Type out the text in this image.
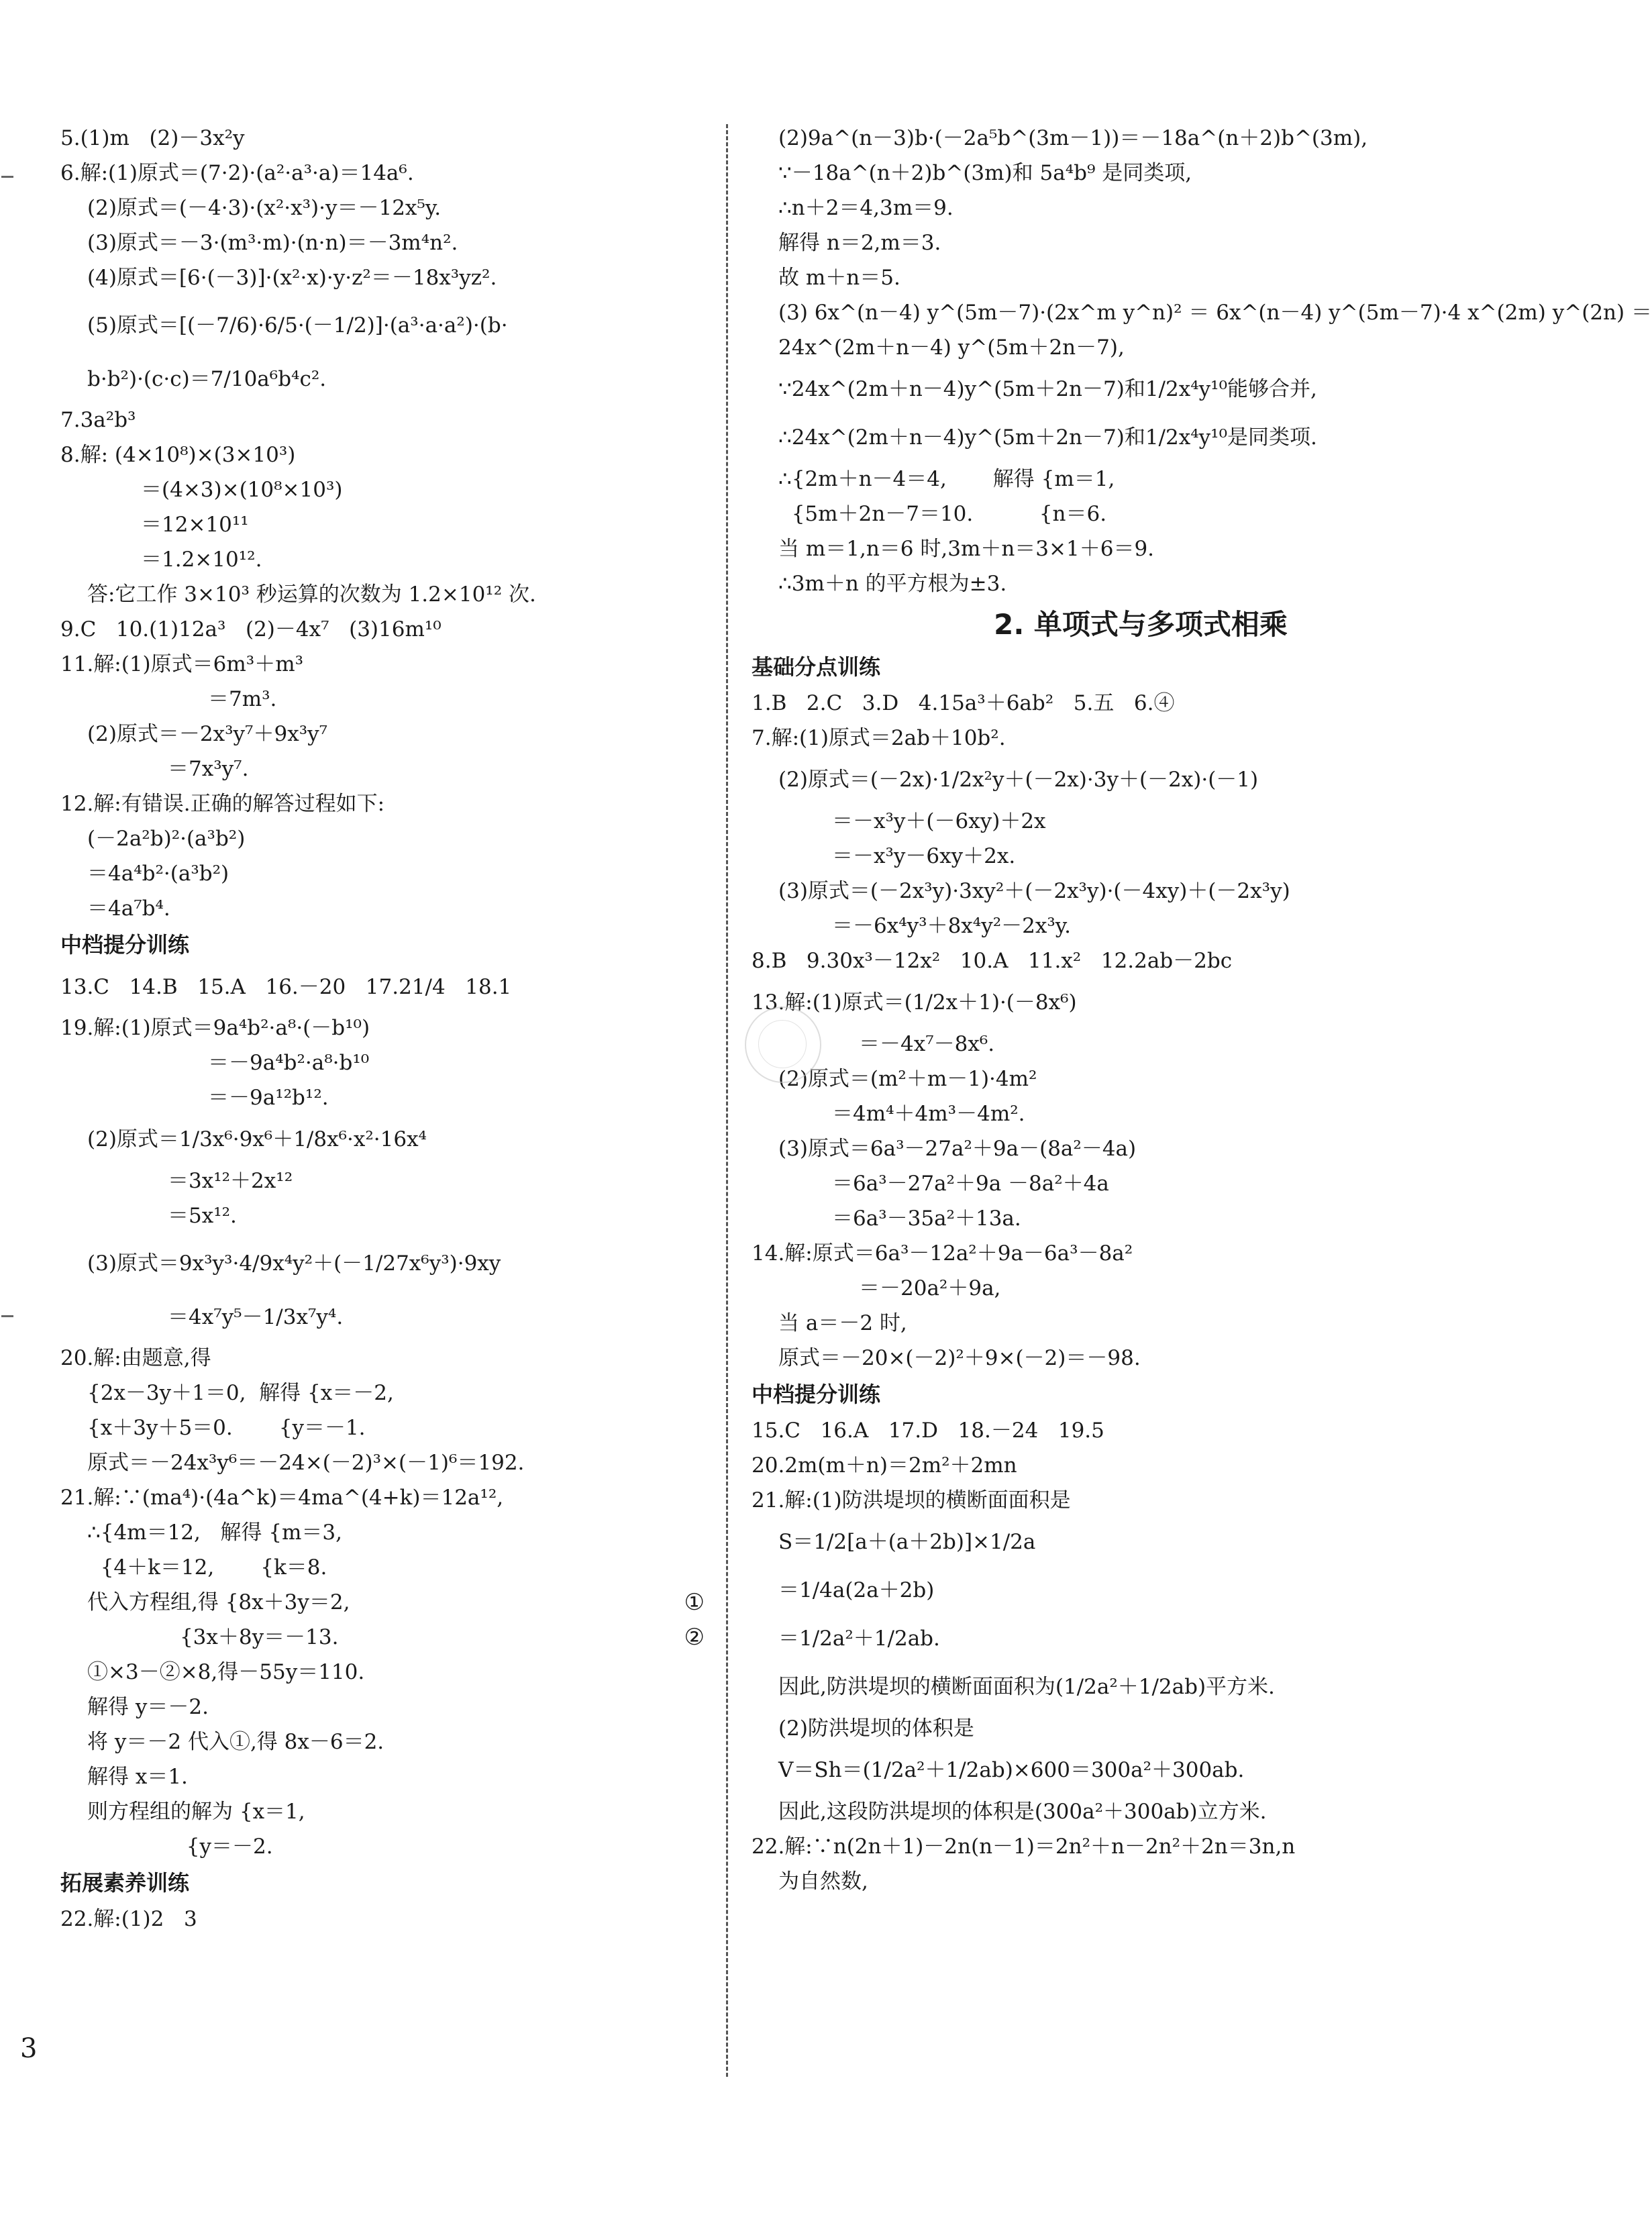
5.(1)m   (2)－3x²y
6.解:(1)原式＝(7·2)·(a²·a³·a)＝14a⁶.
(2)原式＝(－4·3)·(x²·x³)·y＝－12x⁵y.
(3)原式＝－3·(m³·m)·(n·n)＝－3m⁴n².
(4)原式＝[6·(－3)]·(x²·x)·y·z²＝－18x³yz².
(5)原式＝[(－7/6)·6/5·(－1/2)]·(a³·a·a²)·(b·
b·b²)·(c·c)＝7/10a⁶b⁴c².
7.3a²b³
8.解: (4×10⁸)×(3×10³)
＝(4×3)×(10⁸×10³)
＝12×10¹¹
＝1.2×10¹².
答:它工作 3×10³ 秒运算的次数为 1.2×10¹² 次.
9.C   10.(1)12a³   (2)－4x⁷   (3)16m¹⁰
11.解:(1)原式＝6m³＋m³
＝7m³.
(2)原式＝－2x³y⁷＋9x³y⁷
＝7x³y⁷.
12.解:有错误.正确的解答过程如下:
(－2a²b)²·(a³b²)
＝4a⁴b²·(a³b²)
＝4a⁷b⁴.
中档提分训练
13.C   14.B   15.A   16.－20   17.21/4   18.1
19.解:(1)原式＝9a⁴b²·a⁸·(－b¹⁰)
＝－9a⁴b²·a⁸·b¹⁰
＝－9a¹²b¹².
(2)原式＝1/3x⁶·9x⁶＋1/8x⁶·x²·16x⁴
＝3x¹²＋2x¹²
＝5x¹².
(3)原式＝9x³y³·4/9x⁴y²＋(－1/27x⁶y³)·9xy
＝4x⁷y⁵－1/3x⁷y⁴.
20.解:由题意,得
{2x－3y＋1＝0,  解得 {x＝－2,
{x＋3y＋5＝0.       {y＝－1.
原式＝－24x³y⁶＝－24×(－2)³×(－1)⁶＝192.
21.解:∵(ma⁴)·(4a^k)＝4ma^(4+k)＝12a¹²,
∴{4m＝12,   解得 {m＝3,
{4＋k＝12,       {k＝8.
代入方程组,得 {8x＋3y＝2,	①
{3x＋8y＝－13.	②
①×3－②×8,得－55y＝110.
解得 y＝－2.
将 y＝－2 代入①,得 8x－6＝2.
解得 x＝1.
则方程组的解为 {x＝1,
{y＝－2.
拓展素养训练
22.解:(1)2   3
(2)9a^(n－3)b·(－2a⁵b^(3m－1))＝－18a^(n＋2)b^(3m),
∵－18a^(n＋2)b^(3m)和 5a⁴b⁹ 是同类项,
∴n＋2＝4,3m＝9.
解得 n＝2,m＝3.
故 m＋n＝5.
(3) 6x^(n－4) y^(5m－7)·(2x^m y^n)² ＝ 6x^(n－4) y^(5m－7)·4 x^(2m) y^(2n) ＝
24x^(2m＋n－4) y^(5m＋2n－7),
∵24x^(2m＋n－4)y^(5m＋2n－7)和1/2x⁴y¹⁰能够合并,
∴24x^(2m＋n－4)y^(5m＋2n－7)和1/2x⁴y¹⁰是同类项.
∴{2m＋n－4＝4,       解得 {m＝1,
{5m＋2n－7＝10.          {n＝6.
当 m＝1,n＝6 时,3m＋n＝3×1＋6＝9.
∴3m＋n 的平方根为±3.
2. 单项式与多项式相乘
基础分点训练
1.B   2.C   3.D   4.15a³＋6ab²   5.五   6.④
7.解:(1)原式＝2ab＋10b².
(2)原式＝(－2x)·1/2x²y＋(－2x)·3y＋(－2x)·(－1)
＝－x³y＋(－6xy)＋2x
＝－x³y－6xy＋2x.
(3)原式＝(－2x³y)·3xy²＋(－2x³y)·(－4xy)＋(－2x³y)
＝－6x⁴y³＋8x⁴y²－2x³y.
8.B   9.30x³－12x²   10.A   11.x²   12.2ab－2bc
13.解:(1)原式＝(1/2x＋1)·(－8x⁶)
＝－4x⁷－8x⁶.
(2)原式＝(m²＋m－1)·4m²
＝4m⁴＋4m³－4m².
(3)原式＝6a³－27a²＋9a－(8a²－4a)
＝6a³－27a²＋9a －8a²＋4a
＝6a³－35a²＋13a.
14.解:原式＝6a³－12a²＋9a－6a³－8a²
＝－20a²＋9a,
当 a＝－2 时,
原式＝－20×(－2)²＋9×(－2)＝－98.
中档提分训练
15.C   16.A   17.D   18.－24   19.5
20.2m(m＋n)＝2m²＋2mn
21.解:(1)防洪堤坝的横断面面积是
S＝1/2[a＋(a＋2b)]×1/2a
＝1/4a(2a＋2b)
＝1/2a²＋1/2ab.
因此,防洪堤坝的横断面面积为(1/2a²＋1/2ab)平方米.
(2)防洪堤坝的体积是
V＝Sh＝(1/2a²＋1/2ab)×600＝300a²＋300ab.
因此,这段防洪堤坝的体积是(300a²＋300ab)立方米.
22.解:∵n(2n＋1)－2n(n－1)＝2n²＋n－2n²＋2n＝3n,n
为自然数,
3
